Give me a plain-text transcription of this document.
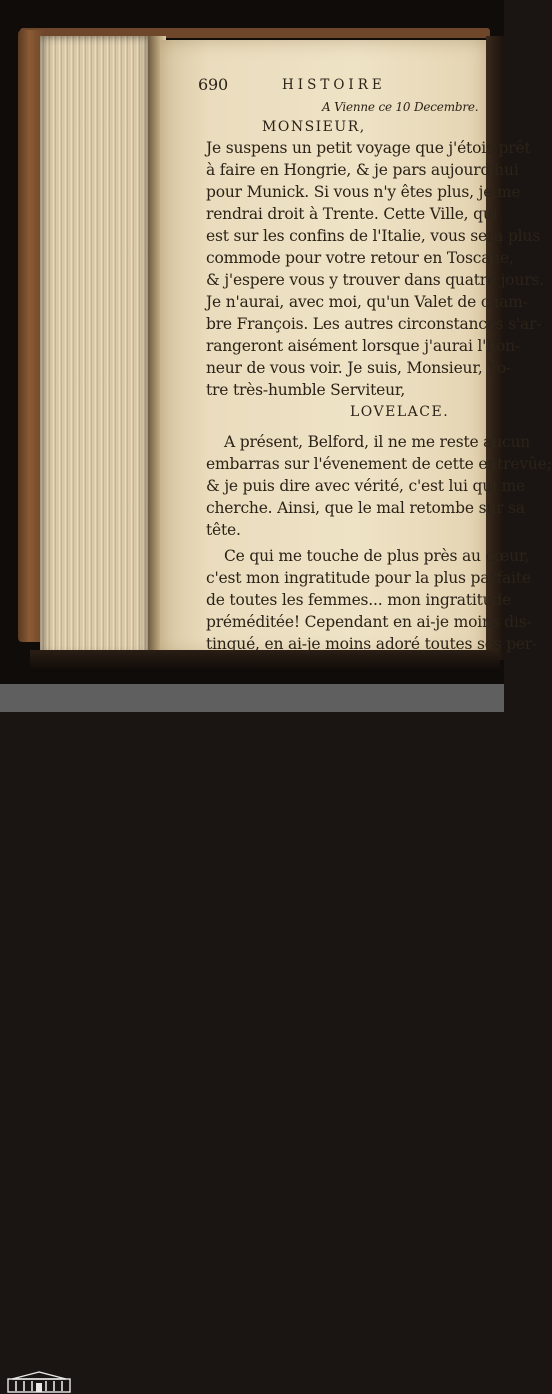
690	HISTOIRE
A Vienne ce 10 Decembre.
MONSIEUR,
Je suspens un petit voyage que j'étois prêt
à faire en Hongrie, & je pars aujourd'hui
pour Munick. Si vous n'y êtes plus, je me
rendrai droit à Trente. Cette Ville, qui
est sur les confins de l'Italie, vous sera plus
commode pour votre retour en Toscane,
& j'espere vous y trouver dans quatre jours.
Je n'aurai, avec moi, qu'un Valet de cham-
bre François. Les autres circonstances s'ar-
rangeront aisément lorsque j'aurai l'hon-
neur de vous voir. Je suis, Monsieur, Vo-
tre très-humble Serviteur,
LOVELACE.
A présent, Belford, il ne me reste aucun
embarras sur l'évenement de cette entrevûe;
& je puis dire avec vérité, c'est lui qui me
cherche. Ainsi, que le mal retombe sur sa
tête.
Ce qui me touche de plus près au cœur,
c'est mon ingratitude pour la plus parfaite
de toutes les femmes... mon ingratitude
préméditée! Cependant en ai-je moins dis-
tingué, en ai-je moins adoré toutes ses per-
